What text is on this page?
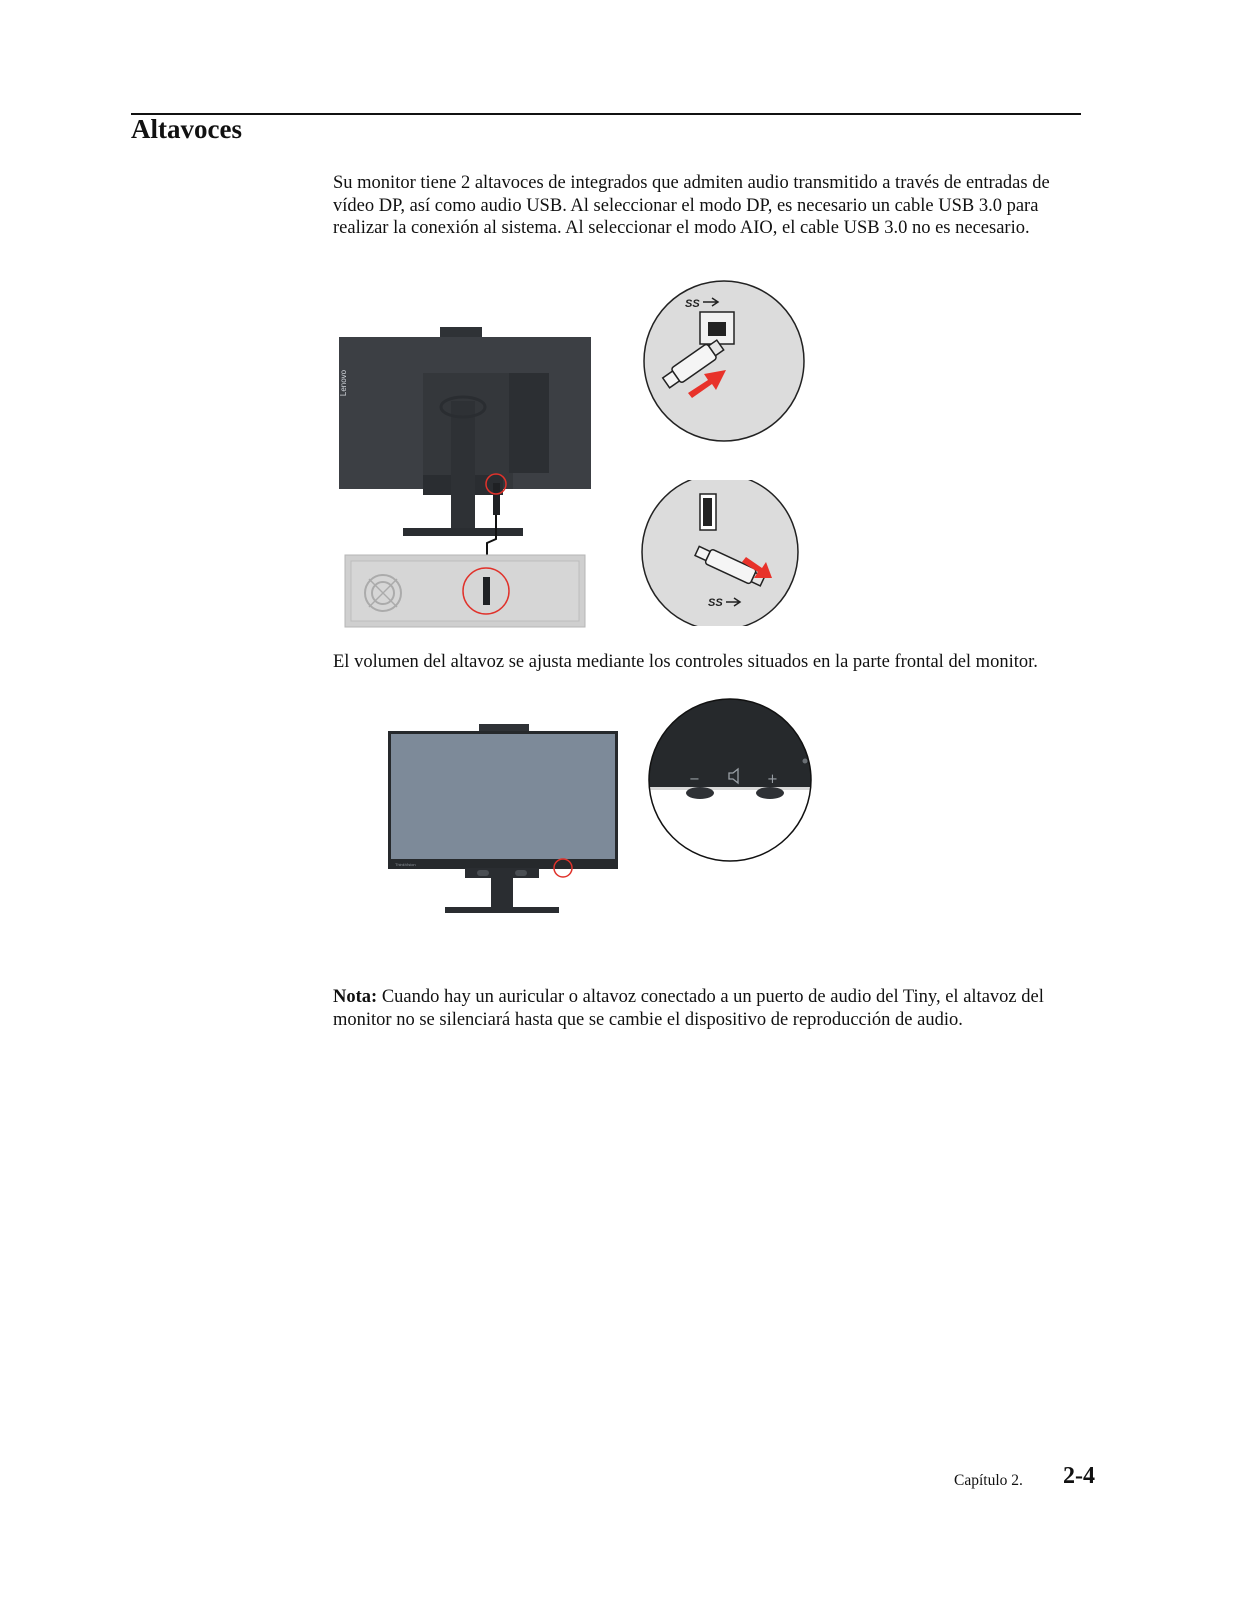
Altavoces

Su monitor tiene 2 altavoces de integrados que admiten audio transmitido a través de entradas de vídeo DP, así como audio USB. Al seleccionar el modo DP, es necesario un cable USB 3.0 para realizar la conexión al sistema. Al seleccionar el modo AIO, el cable USB 3.0 no es necesario.

Lenovo
SS
SS

El volumen del altavoz se ajusta mediante los controles situados en la parte frontal del monitor.

ThinkVision
−	+

Nota: Cuando hay un auricular o altavoz conectado a un puerto de audio del Tiny, el altavoz del monitor no se silenciará hasta que se cambie el dispositivo de reproducción de audio.

Capítulo 2. 2-4
